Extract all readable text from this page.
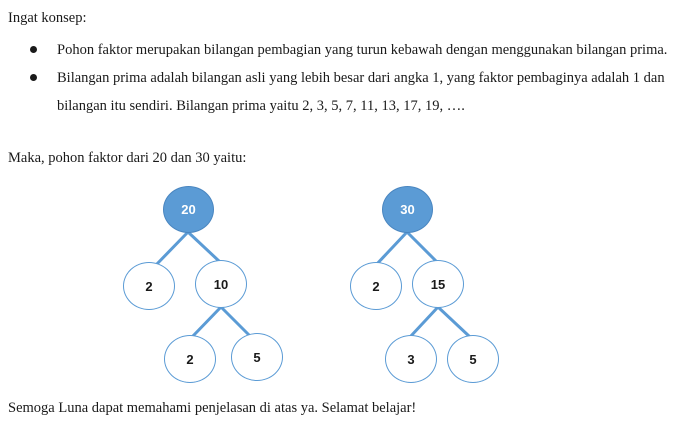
Ingat konsep:
Pohon faktor merupakan bilangan pembagian yang turun kebawah dengan menggunakan bilangan prima.
Bilangan prima adalah bilangan asli yang lebih besar dari angka 1, yang faktor pembaginya adalah 1 dan bilangan itu sendiri. Bilangan prima yaitu 2, 3, 5, 7, 11, 13, 17, 19, ….
Maka, pohon faktor dari 20 dan 30 yaitu:
20
2	10
2	5
30
2	15
3	5
Semoga Luna dapat memahami penjelasan di atas ya. Selamat belajar!
